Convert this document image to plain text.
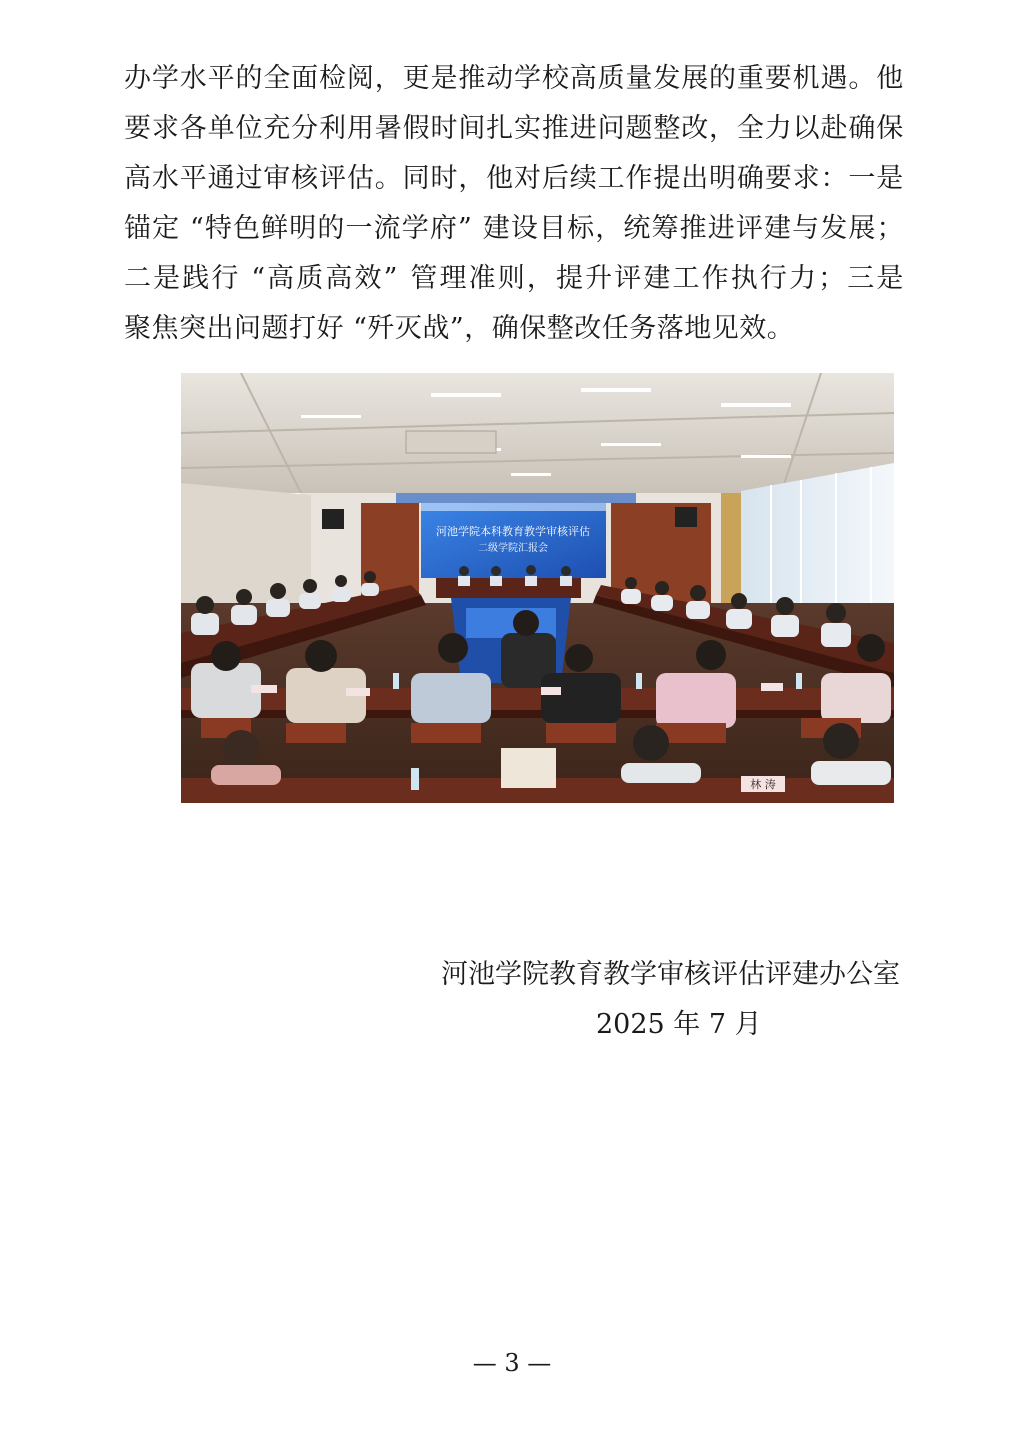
办 学 水 平 的 全 面 检 阅 ， 更 是 推 动 学 校 高 质 量 发 展 的 重 要 机 遇 。 他
要 求 各 单 位 充 分 利 用 暑 假 时 间 扎 实 推 进 问 题 整 改 ， 全 力 以 赴 确 保
高 水 平 通 过 审 核 评 估 。 同 时 ， 他 对 后 续 工 作 提 出 明 确 要 求 ： 一 是
锚 定
“ 特 色 鲜 明 的 一 流 学 府 ”
建 设 目 标 ， 统 筹 推 进 评 建 与 发 展 ；
二 是 践 行
“ 高 质 高 效 ”
管 理 准 则 ， 提 升 评 建 工 作 执 行 力 ； 三 是
聚焦突出问题打好 “歼灭战”，确保整改任务落地见效。
河池学院本科教育教学审核评估
二级学院汇报会
林 涛
河池学院教育教学审核评估评建办公室
2025 年 7 月
— 3 —
